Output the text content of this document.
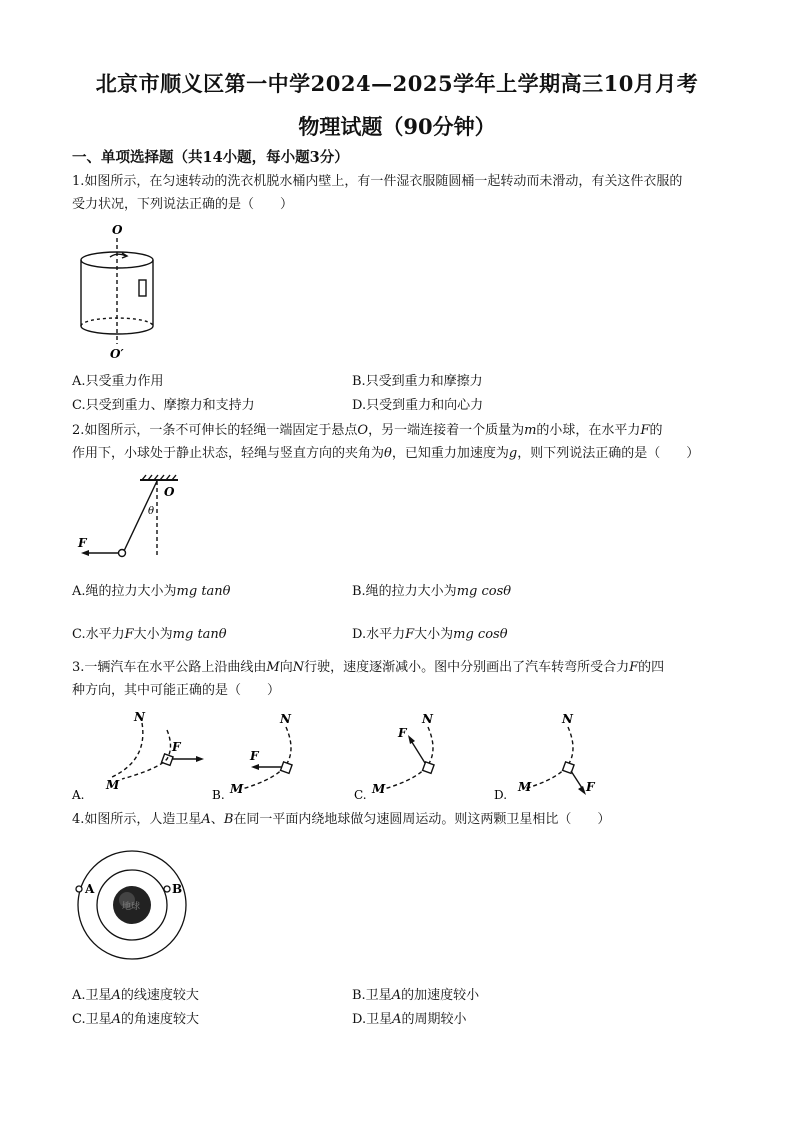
北京市顺义区第一中学2024—2025学年上学期高三10月月考
物理试题（90分钟）
一、单项选择题（共14小题，每小题3分）
1.如图所示，在匀速转动的洗衣机脱水桶内壁上，有一件湿衣服随圆桶一起转动而未滑动，有关这件衣服的
受力状况，下列说法正确的是（　　）
O
O′
A.只受重力作用	B.只受到重力和摩擦力
C.只受到重力、摩擦力和支持力	D.只受到重力和向心力
2.如图所示，一条不可伸长的轻绳一端固定于悬点O，另一端连接着一个质量为m的小球，在水平力F的
作用下，小球处于静止状态，轻绳与竖直方向的夹角为θ，已知重力加速度为g，则下列说法正确的是（　　）
O
θ
F
A.绳的拉力大小为mg tanθ	B.绳的拉力大小为mg cosθ
C.水平力F大小为mg tanθ	D.水平力F大小为mg cosθ
3.一辆汽车在水平公路上沿曲线由M向N行驶，速度逐渐减小。图中分别画出了汽车转弯所受合力F的四
种方向，其中可能正确的是（　　）
N
M
F
A.
N
M
F
B.
N
M
F
C.
N
M	F
D.
4.如图所示，人造卫星A、B在同一平面内绕地球做匀速圆周运动。则这两颗卫星相比（　　）
地球
A	B
A.卫星A的线速度较大	B.卫星A的加速度较小
C.卫星A的角速度较大	D.卫星A的周期较小
